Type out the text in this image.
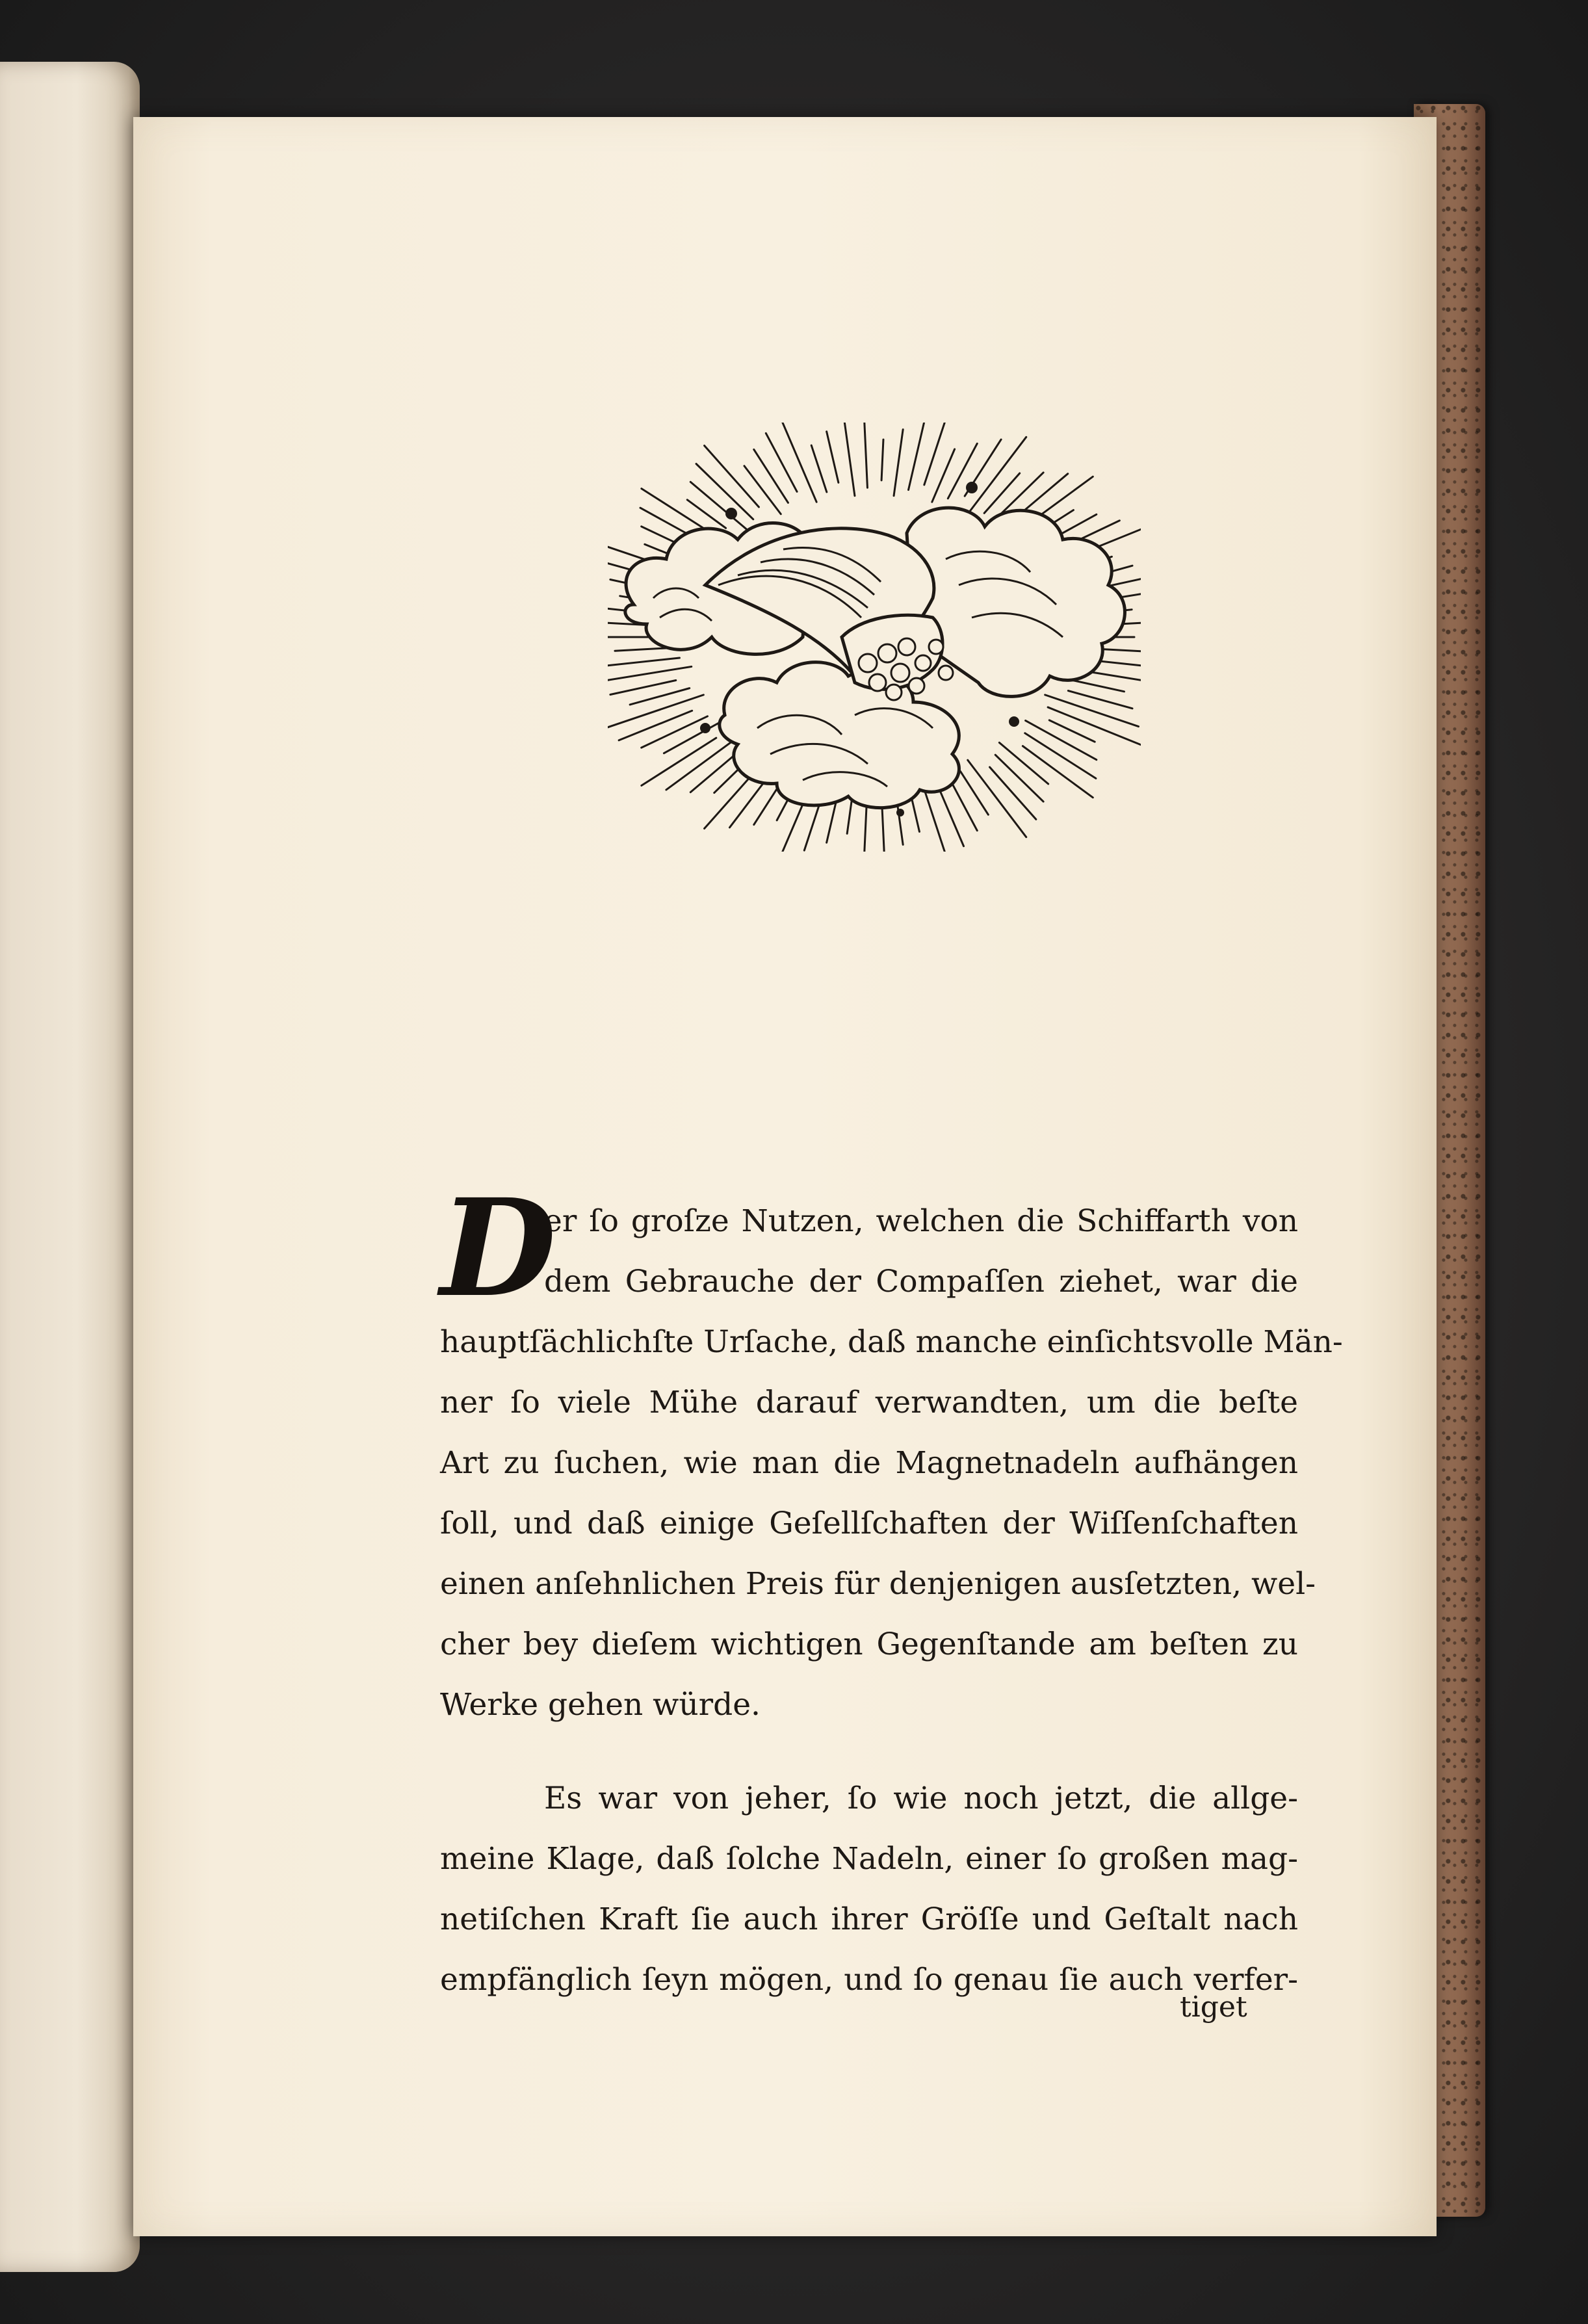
D
er ſo groſze Nutzen, welchen die Schiffarth von
dem Gebrauche der Compaſſen ziehet, war die
hauptſächlichſte Urſache, daß manche einſichtsvolle Män-
ner ſo viele Mühe darauf verwandten, um die beſte
Art zu ſuchen, wie man die Magnetnadeln aufhängen
ſoll, und daß einige Geſellſchaften der Wiſſenſchaften
einen anſehnlichen Preis für denjenigen ausſetzten, wel-
cher bey dieſem wichtigen Gegenſtande am beſten zu
Werke gehen würde.
Es war von jeher, ſo wie noch jetzt, die allge-
meine Klage, daß ſolche Nadeln, einer ſo großen mag-
netiſchen Kraft ſie auch ihrer Gröſſe und Geſtalt nach
empfänglich ſeyn mögen, und ſo genau ſie auch verfer-
tiget
